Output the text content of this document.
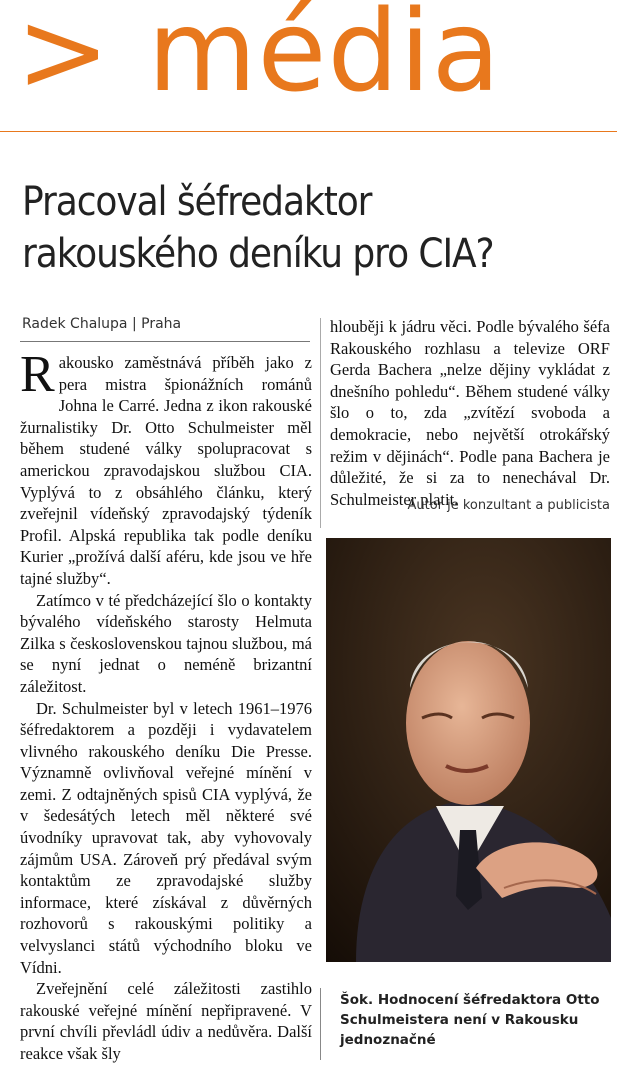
> média
Pracoval šéfredaktor
rakouského deníku pro CIA?
Radek Chalupa | Praha

Rakousko zaměstnává příběh jako z pera mistra špionážních románů Johna le Carré. Jedna z ikon rakouské žurnalistiky Dr. Otto Schulmeister měl během studené války spolupracovat s americkou zpravodajskou službou CIA. Vyplývá to z obsáhlého článku, který zveřejnil vídeňský zpravodajský týdeník Profil. Alpská republika tak podle deníku Kurier „prožívá další aféru, kde jsou ve hře tajné služby“.

Zatímco v té předcházející šlo o kontakty bývalého vídeňského starosty Helmuta Zilka s československou tajnou službou, má se nyní jednat o neméně brizantní záležitost.

Dr. Schulmeister byl v letech 1961–1976 šéfredaktorem a později i vydavatelem vlivného rakouského deníku Die Presse. Významně ovlivňoval veřejné mínění v zemi. Z odtajněných spisů CIA vyplývá, že v šedesátých letech měl některé své úvodníky upravovat tak, aby vyhovovaly zájmům USA. Zároveň prý předával svým kontaktům ze zpravodajské služby informace, které získával z důvěrných rozhovorů s rakouskými politiky a velvyslanci států východního bloku ve Vídni.

Zveřejnění celé záležitosti zastihlo rakouské veřejné mínění nepřipravené. V první chvíli převládl údiv a nedůvěra. Další reakce však šly

hlouběji k jádru věci. Podle bývalého šéfa Rakouského rozhlasu a televize ORF Gerda Bachera „nelze dějiny vykládat z dnešního pohledu“. Během studené války šlo o to, zda „zvítězí svoboda a demokracie, nebo největší otrokářský režim v dějinách“. Podle pana Bachera je důležité, že si za to nenechával Dr. Schulmeister platit.

Autor je konzultant a publicista
Šok. Hodnocení šéfredaktora Otto Schulmeistera není v Rakousku jednoznačné
